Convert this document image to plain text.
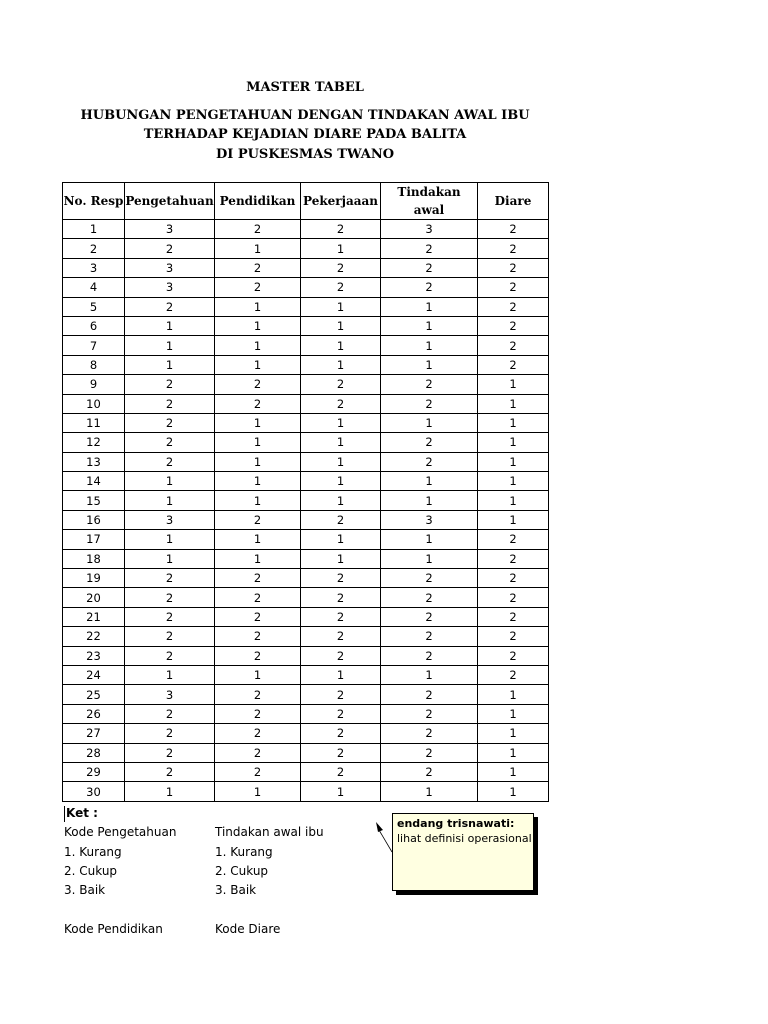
MASTER TABEL
HUBUNGAN PENGETAHUAN DENGAN TINDAKAN AWAL IBU
TERHADAP KEJADIAN DIARE PADA BALITA
DI PUSKESMAS TWANO
No. Resp	Pengetahuan	Pendidikan	Pekerjaaan	Tindakan awal	Diare
1	3	2	2	3	2
2	2	1	1	2	2
3	3	2	2	2	2
4	3	2	2	2	2
5	2	1	1	1	2
6	1	1	1	1	2
7	1	1	1	1	2
8	1	1	1	1	2
9	2	2	2	2	1
10	2	2	2	2	1
11	2	1	1	1	1
12	2	1	1	2	1
13	2	1	1	2	1
14	1	1	1	1	1
15	1	1	1	1	1
16	3	2	2	3	1
17	1	1	1	1	2
18	1	1	1	1	2
19	2	2	2	2	2
20	2	2	2	2	2
21	2	2	2	2	2
22	2	2	2	2	2
23	2	2	2	2	2
24	1	1	1	1	2
25	3	2	2	2	1
26	2	2	2	2	1
27	2	2	2	2	1
28	2	2	2	2	1
29	2	2	2	2	1
30	1	1	1	1	1
Ket :
Kode Pengetahuan
1. Kurang
2. Cukup
3. Baik
Tindakan awal ibu
1. Kurang
2. Cukup
3. Baik
Kode Pendidikan	Kode Diare
endang trisnawati:
lihat definisi operasional
